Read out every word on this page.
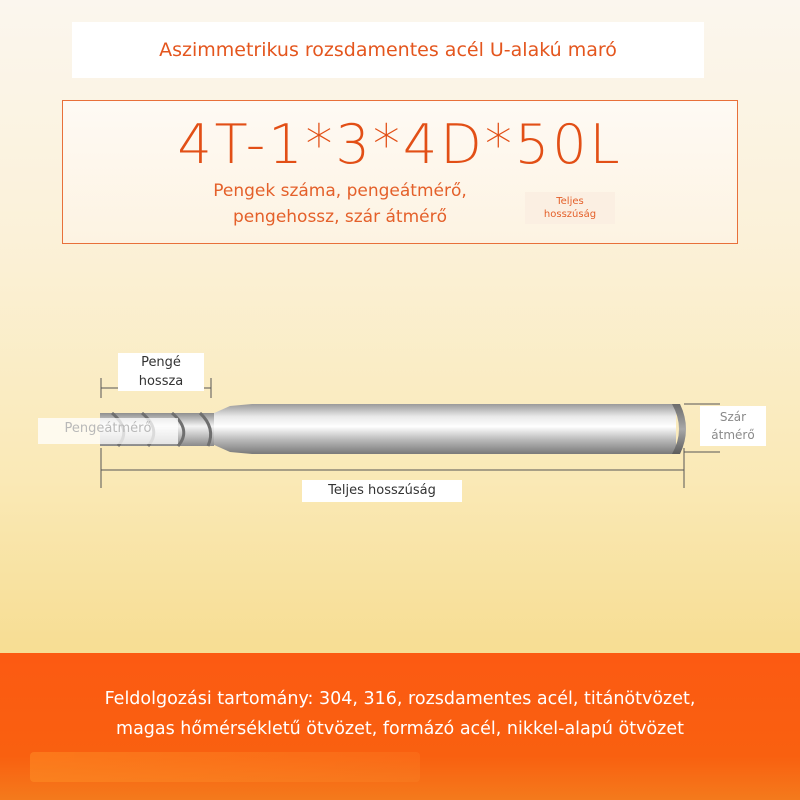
Aszimmetrikus rozsdamentes acél U-alakú maró
4T-1*3*4D*50L
Pengek száma, pengeátmérő,
pengehossz, szár átmérő
Teljes
hosszúság
Pengé
hossza
Pengeátmérő
Szár
átmérő
Teljes hosszúság
Feldolgozási tartomány: 304, 316, rozsdamentes acél, titánötvözet,
magas hőmérsékletű ötvözet, formázó acél, nikkel-alapú ötvözet
